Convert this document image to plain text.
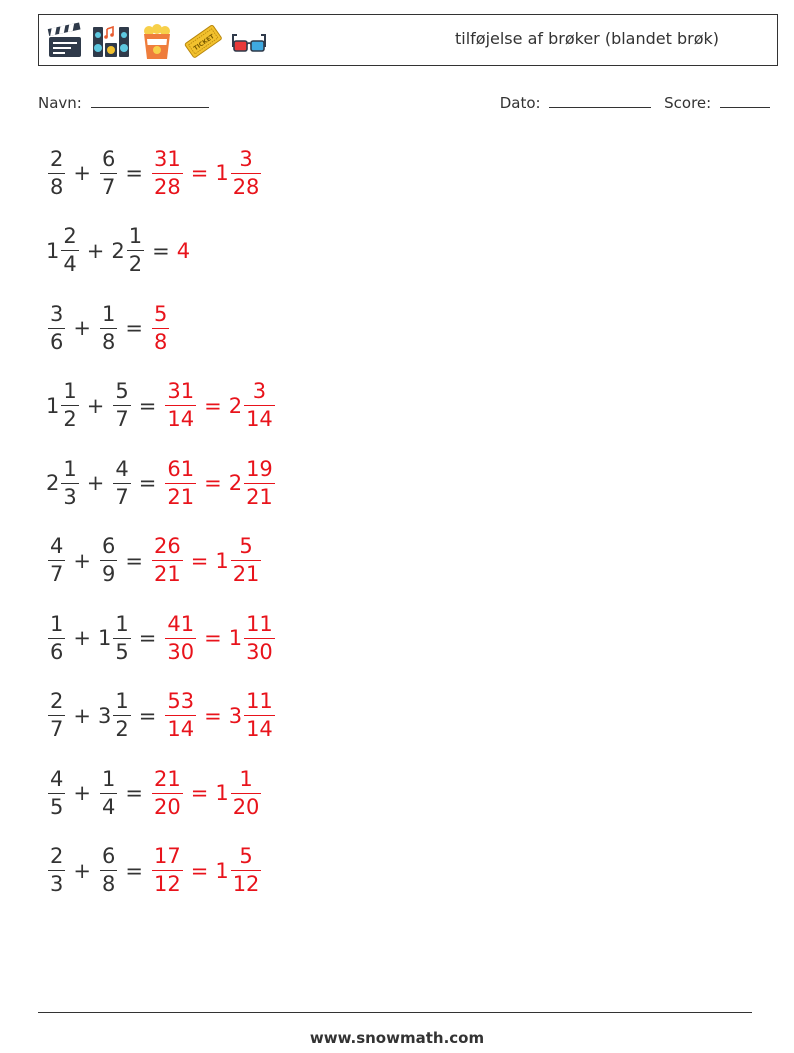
TICKET	tilføjelse af brøker (blandet brøk)
Navn:	Dato:	Score:
$\frac{2}{8} + \frac{6}{7} = \frac{31}{28} = 1 \frac{3}{28}$
$1 \frac{2}{4} + 2 \frac{1}{2} = 4$
$\frac{3}{6} + \frac{1}{8} = \frac{5}{8}$
$1 \frac{1}{2} + \frac{5}{7} = \frac{31}{14} = 2 \frac{3}{14}$
$2 \frac{1}{3} + \frac{4}{7} = \frac{61}{21} = 2 \frac{19}{21}$
$\frac{4}{7} + \frac{6}{9} = \frac{26}{21} = 1 \frac{5}{21}$
$\frac{1}{6} + 1 \frac{1}{5} = \frac{41}{30} = 1 \frac{11}{30}$
$\frac{2}{7} + 3 \frac{1}{2} = \frac{53}{14} = 3 \frac{11}{14}$
$\frac{4}{5} + \frac{1}{4} = \frac{21}{20} = 1 \frac{1}{20}$
$\frac{2}{3} + \frac{6}{8} = \frac{17}{12} = 1 \frac{5}{12}$
www.snowmath.com
